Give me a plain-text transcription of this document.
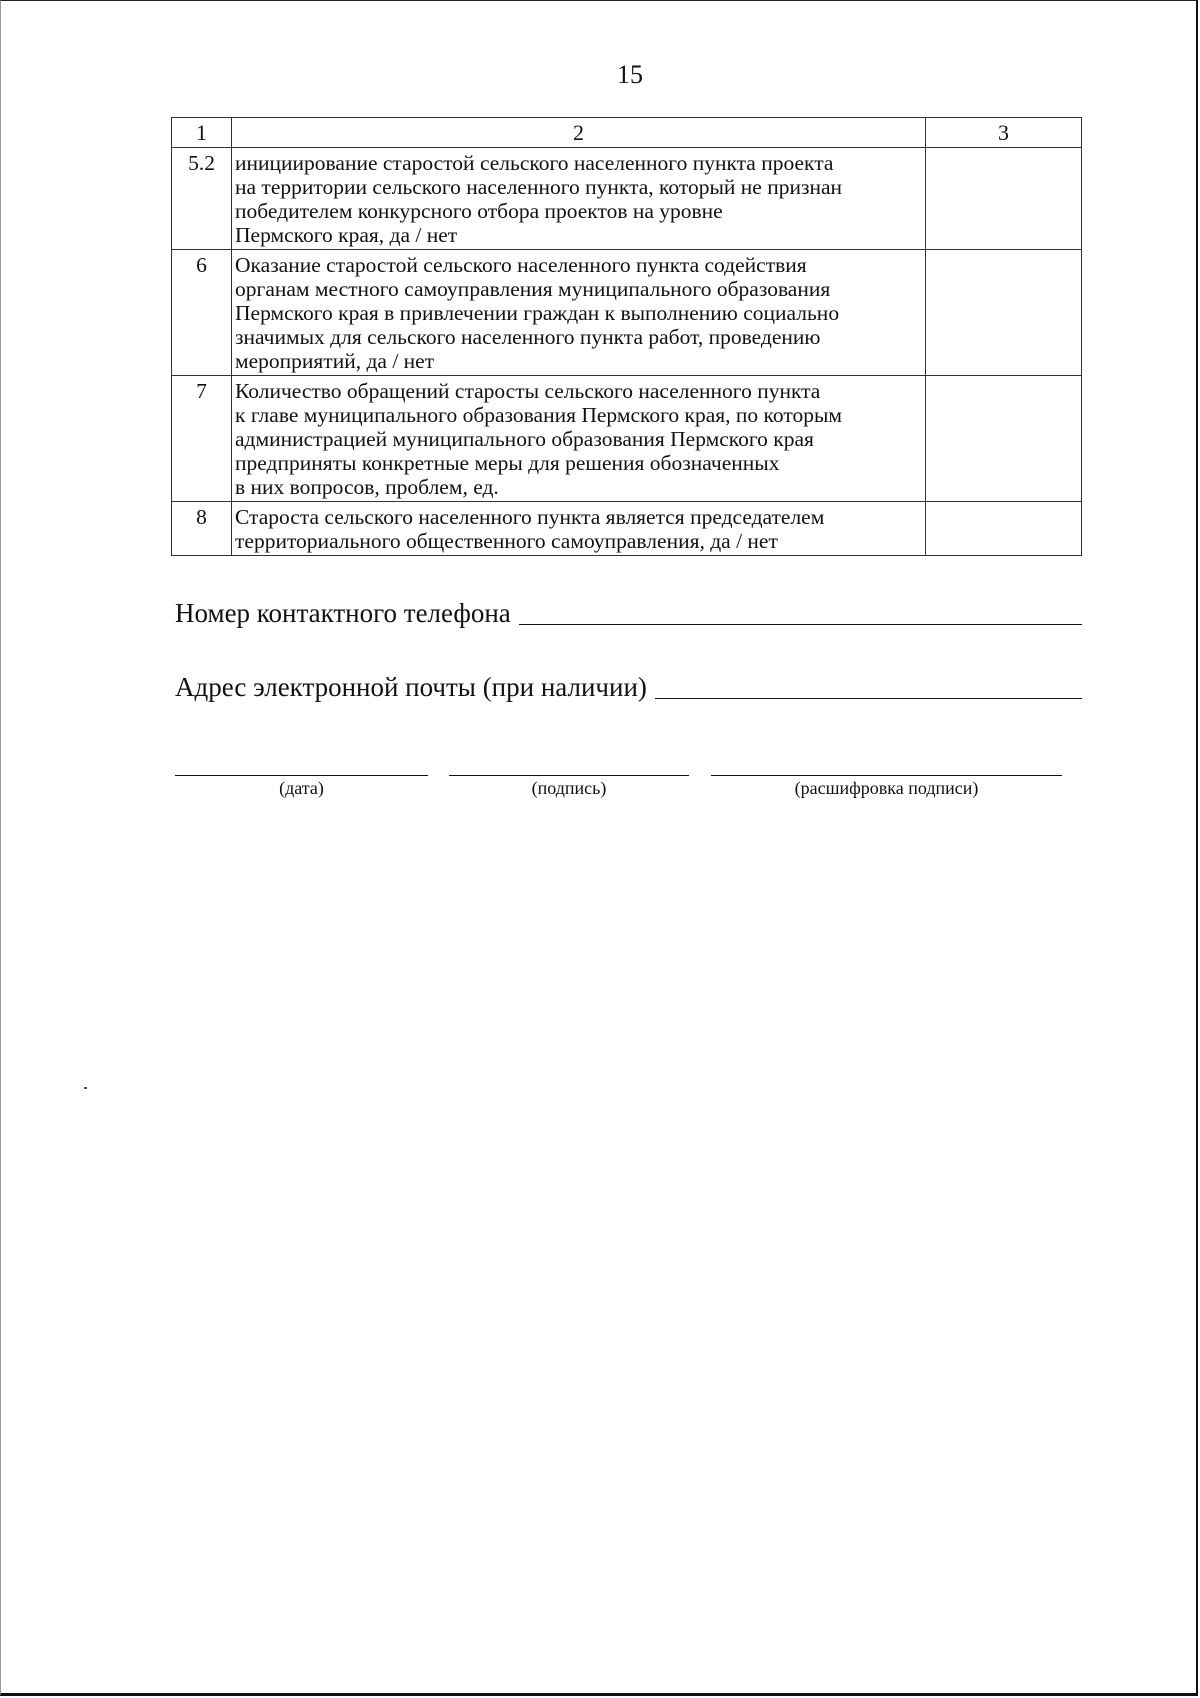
15
1	2	3
5.2	инициирование старостой сельского населенного пункта проекта
на территории сельского населенного пункта, который не признан
победителем конкурсного отбора проектов на уровне
Пермского края, да / нет	

6	Оказание старостой сельского населенного пункта содействия
органам местного самоуправления муниципального образования
Пермского края в привлечении граждан к выполнению социально
значимых для сельского населенного пункта работ, проведению
мероприятий, да / нет	

7	Количество обращений старосты сельского населенного пункта
к главе муниципального образования Пермского края, по которым
администрацией муниципального образования Пермского края
предприняты конкретные меры для решения обозначенных
в них вопросов, проблем, ед.	

8	Староста сельского населенного пункта является председателем
территориального общественного самоуправления, да / нет	

Номер контактного телефона
Адрес электронной почты (при наличии)
(дата)	(подпись)	(расшифровка подписи)
